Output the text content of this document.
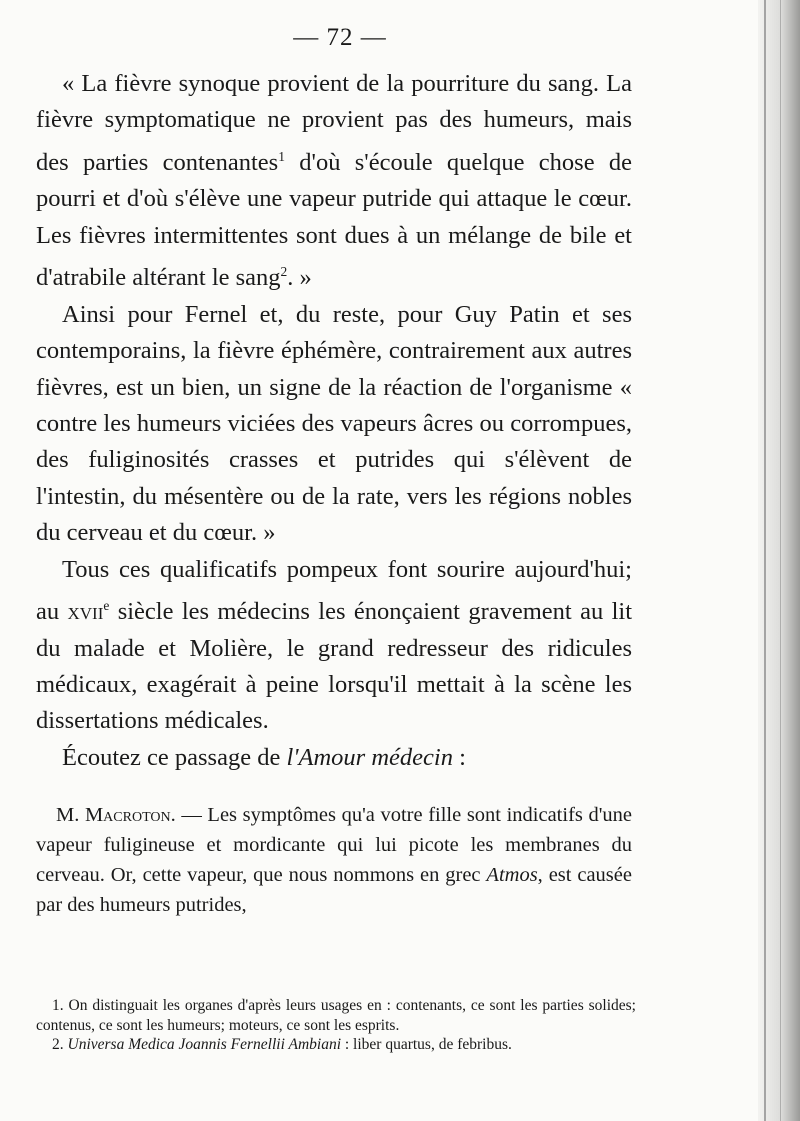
— 72 —

« La fièvre synoque provient de la pourriture du sang. La fièvre symptomatique ne provient pas des humeurs, mais des parties contenantes$^1$ d'où s'écoule quelque chose de pourri et d'où s'élève une vapeur putride qui attaque le cœur. Les fièvres intermittentes sont dues à un mélange de bile et d'atrabile altérant le sang$^2$. »

Ainsi pour Fernel et, du reste, pour Guy Patin et ses contemporains, la fièvre éphémère, contrairement aux autres fièvres, est un bien, un signe de la réaction de l'organisme « contre les humeurs viciées des vapeurs âcres ou corrompues, des fuliginosités crasses et putrides qui s'élèvent de l'intestin, du mésentère ou de la rate, vers les régions nobles du cerveau et du cœur. »

Tous ces qualificatifs pompeux font sourire aujourd'hui; au xvii$^e$ siècle les médecins les énonçaient gravement au lit du malade et Molière, le grand redresseur des ridicules médicaux, exagérait à peine lorsqu'il mettait à la scène les dissertations médicales.

Écoutez ce passage de l'Amour médecin :

M. Macroton. — Les symptômes qu'a votre fille sont indicatifs d'une vapeur fuligineuse et mordicante qui lui picote les membranes du cerveau. Or, cette vapeur, que nous nommons en grec Atmos, est causée par des humeurs putrides,

1. On distinguait les organes d'après leurs usages en : contenants, ce sont les parties solides; contenus, ce sont les humeurs; moteurs, ce sont les esprits.

2. Universa Medica Joannis Fernellii Ambiani : liber quartus, de febribus.
